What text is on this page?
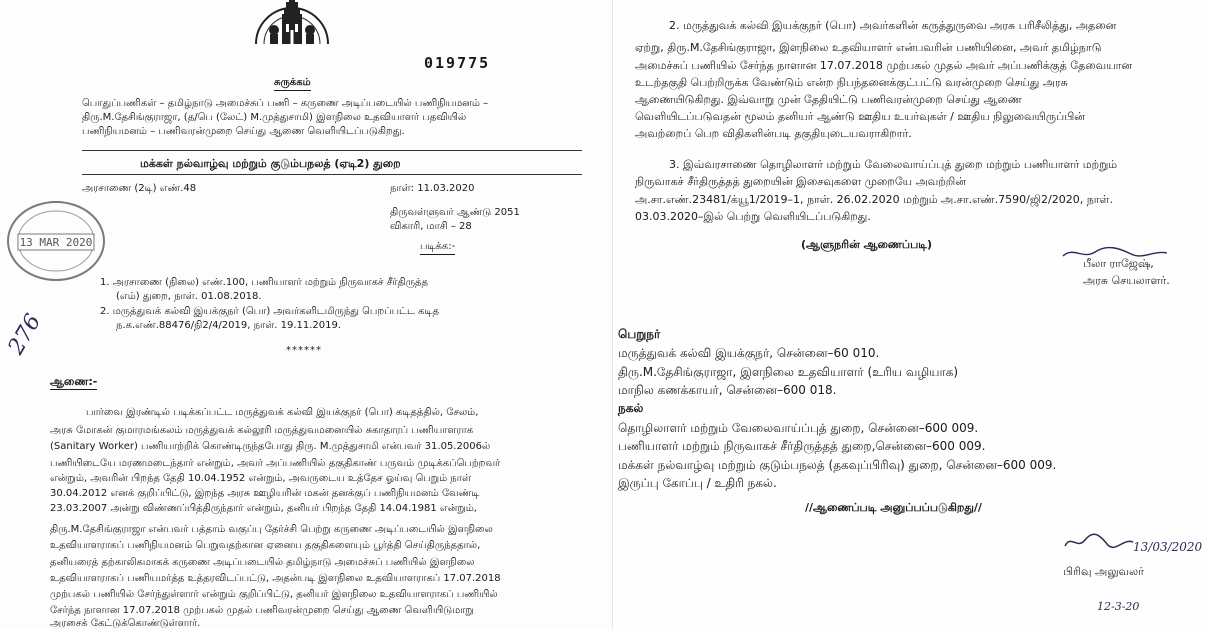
019775

சுருக்கம்

பொதுப்பணிகள் – தமிழ்நாடு அமைச்சுப் பணி – கருணை அடிப்படையில் பணிநியமனம் –

திரு.M.தேசிங்குராஜா, (த/பெ (லேட்) M.முத்துசாமி) இளநிலை உதவியாளர் பதவியில்

பணிநியமனம் – பணிவரன்முறை செய்து ஆணை வெளியிடப்படுகிறது.

மக்கள் நல்வாழ்வு மற்றும் குடும்பநலத் (ஏடி2) துறை

அரசாணை (2டி) எண்.48	நாள்: 11.03.2020

திருவள்ளுவர் ஆண்டு 2051

விகாரி, மாசி – 28

படிக்க:-

13 MAR 2020

1. அரசாணை (நிலை) எண்.100, பணியாளர் மற்றும் நிருவாகச் சீர்திருத்த

(எம்) துறை, நாள். 01.08.2018.

2. மருத்துவக் கல்வி இயக்குநர் (பொ) அவர்களிடமிருந்து பெறப்பட்ட கடித

ந.க.எண்.88476/நி2/4/2019, நாள். 19.11.2019.

******

276

ஆணை:-

பார்வை இரண்டில் படிக்கப்பட்ட மருத்துவக் கல்வி இயக்குநர் (பொ) கடிதத்தில், சேலம்,

அரசு மோகன் குமாரமங்கலம் மருத்துவக் கல்லூரி மருத்துவமனையில் சுகாதாரப் பணியாளராக

(Sanitary Worker) பணியாற்றிக் கொண்டிருந்தபோது திரு. M.முத்துசாமி என்பவர் 31.05.2006ல்

பணியிடையே மரணமடைந்தார் என்றும், அவர் அப்பணியில் தகுதிகாண் பருவம் முடிக்கப்பெற்றவர்

என்றும், அவரின் பிறந்த தேதி 10.04.1952 என்றும், அவருடைய உத்தேச ஓய்வு பெறும் நாள்

30.04.2012 எனக் குறிப்பிட்டு, இறந்த அரசு ஊழியரின் மகன் தனக்குப் பணிநியமனம் வேண்டி

23.03.2007 அன்று விண்ணப்பித்திருந்தார் என்றும், தனியர் பிறந்த தேதி 14.04.1981 என்றும்,

திரு.M.தேசிங்குராஜா என்பவர் பத்தாம் வகுப்பு தேர்ச்சி பெற்று கருணை அடிப்படையில் இளநிலை

உதவியாளராகப் பணிநியமனம் பெறுவதற்கான ஏனைய தகுதிகளையும் பூர்த்தி செய்திருந்ததால்,

தனியரைத் தற்காலிகமாகக் கருணை அடிப்படையில் தமிழ்நாடு அமைச்சுப் பணியில் இளநிலை

உதவியாளராகப் பணியமர்த்த உத்தரவிடப்பட்டு, அதன்படி இளநிலை உதவியாளராகப் 17.07.2018

முற்பகல் பணியில் சேர்ந்துள்ளார் என்றும் குறிப்பிட்டு, தனியர் இளநிலை உதவியாளராகப் பணியில்

சேர்ந்த நாளான 17.07.2018 முற்பகல் முதல் பணிவரன்முறை செய்து ஆணை வெளியிடுமாறு

அரசைக் கேட்டுக்கொண்டுள்ளார்.

2. மருத்துவக் கல்வி இயக்குநர் (பொ) அவர்களின் கருத்துருவை அரசு பரிசீலித்து, அதனை

ஏற்று, திரு.M.தேசிங்குராஜா, இளநிலை உதவியாளர் என்பவரின் பணியினை, அவர் தமிழ்நாடு

அமைச்சுப் பணியில் சேர்ந்த நாளான 17.07.2018 முற்பகல் முதல் அவர் அப்பணிக்குத் தேவையான

உடற்தகுதி பெற்றிருக்க வேண்டும் என்ற நிபந்தனைக்குட்பட்டு வரன்முறை செய்து அரசு

ஆணையிடுகிறது. இவ்வாறு முன் தேதியிட்டு பணிவரன்முறை செய்து ஆணை

வெளியிடப்படுவதன் மூலம் தனியர் ஆண்டு ஊதிய உயர்வுகள் / ஊதிய நிலுவையிருப்பின்

அவற்றைப் பெற விதிகளின்படி தகுதியுடையவராகிறார்.

3. இவ்வரசாணை தொழிலாளர் மற்றும் வேலைவாய்ப்புத் துறை மற்றும் பணியாளர் மற்றும்

நிருவாகச் சீர்திருத்தத் துறையின் இசைவுகளை முறையே அவற்றின்

அ.சா.எண்.23481/க்யூ1/2019–1, நாள். 26.02.2020 மற்றும் அ.சா.எண்.7590/ஜி2/2020, நாள்.

03.03.2020–இல் பெற்று வெளியிடப்படுகிறது.

(ஆளுநரின் ஆணைப்படி)

பீலா ராஜேஷ்,

அரசு செயலாளர்.

பெறுநர்

மருத்துவக் கல்வி இயக்குநர், சென்னை–60 010.

திரு.M.தேசிங்குராஜா, இளநிலை உதவியாளர் (உரிய வழியாக)

மாநில கணக்காயர், சென்னை–600 018.

நகல்

தொழிலாளர் மற்றும் வேலைவாய்ப்புத் துறை, சென்னை–600 009.

பணியாளர் மற்றும் நிருவாகச் சீர்திருத்தத் துறை,சென்னை–600 009.

மக்கள் நல்வாழ்வு மற்றும் குடும்பநலத் (தகவுப்பிரிவு) துறை, சென்னை–600 009.

இருப்பு கோப்பு / உதிரி நகல்.

//ஆணைப்படி அனுப்பப்படுகிறது//

13/03/2020

பிரிவு அலுவலர்

12-3-20
